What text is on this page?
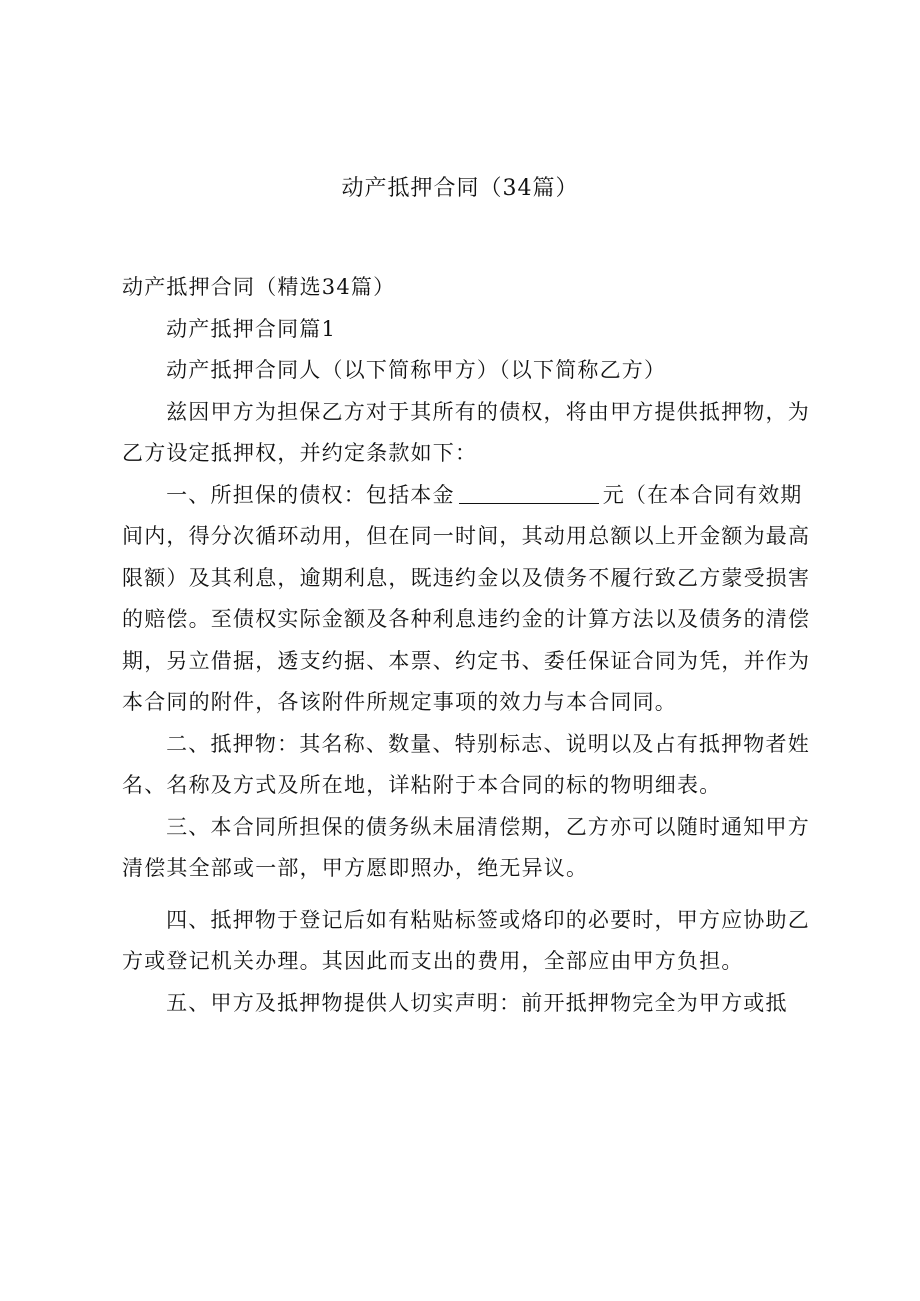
动产抵押合同（34篇）

动产抵押合同（精选34篇）

动产抵押合同篇1

动产抵押合同人（以下简称甲方）（以下简称乙方）

兹因甲方为担保乙方对于其所有的债权，将由甲方提供抵押物，为乙方设定抵押权，并约定条款如下：

一、所担保的债权：包括本金	元（在本合同有效期间内，得分次循环动用，但在同一时间，其动用总额以上开金额为最高限额）及其利息，逾期利息，既违约金以及债务不履行致乙方蒙受损害的赔偿。至债权实际金额及各种利息违约金的计算方法以及债务的清偿期，另立借据，透支约据、本票、约定书、委任保证合同为凭，并作为本合同的附件，各该附件所规定事项的效力与本合同同。

二、抵押物：其名称、数量、特别标志、说明以及占有抵押物者姓名、名称及方式及所在地，详粘附于本合同的标的物明细表。

三、本合同所担保的债务纵未届清偿期，乙方亦可以随时通知甲方清偿其全部或一部，甲方愿即照办，绝无异议。

四、抵押物于登记后如有粘贴标签或烙印的必要时，甲方应协助乙方或登记机关办理。其因此而支出的费用，全部应由甲方负担。

五、甲方及抵押物提供人切实声明：前开抵押物完全为甲方或抵
